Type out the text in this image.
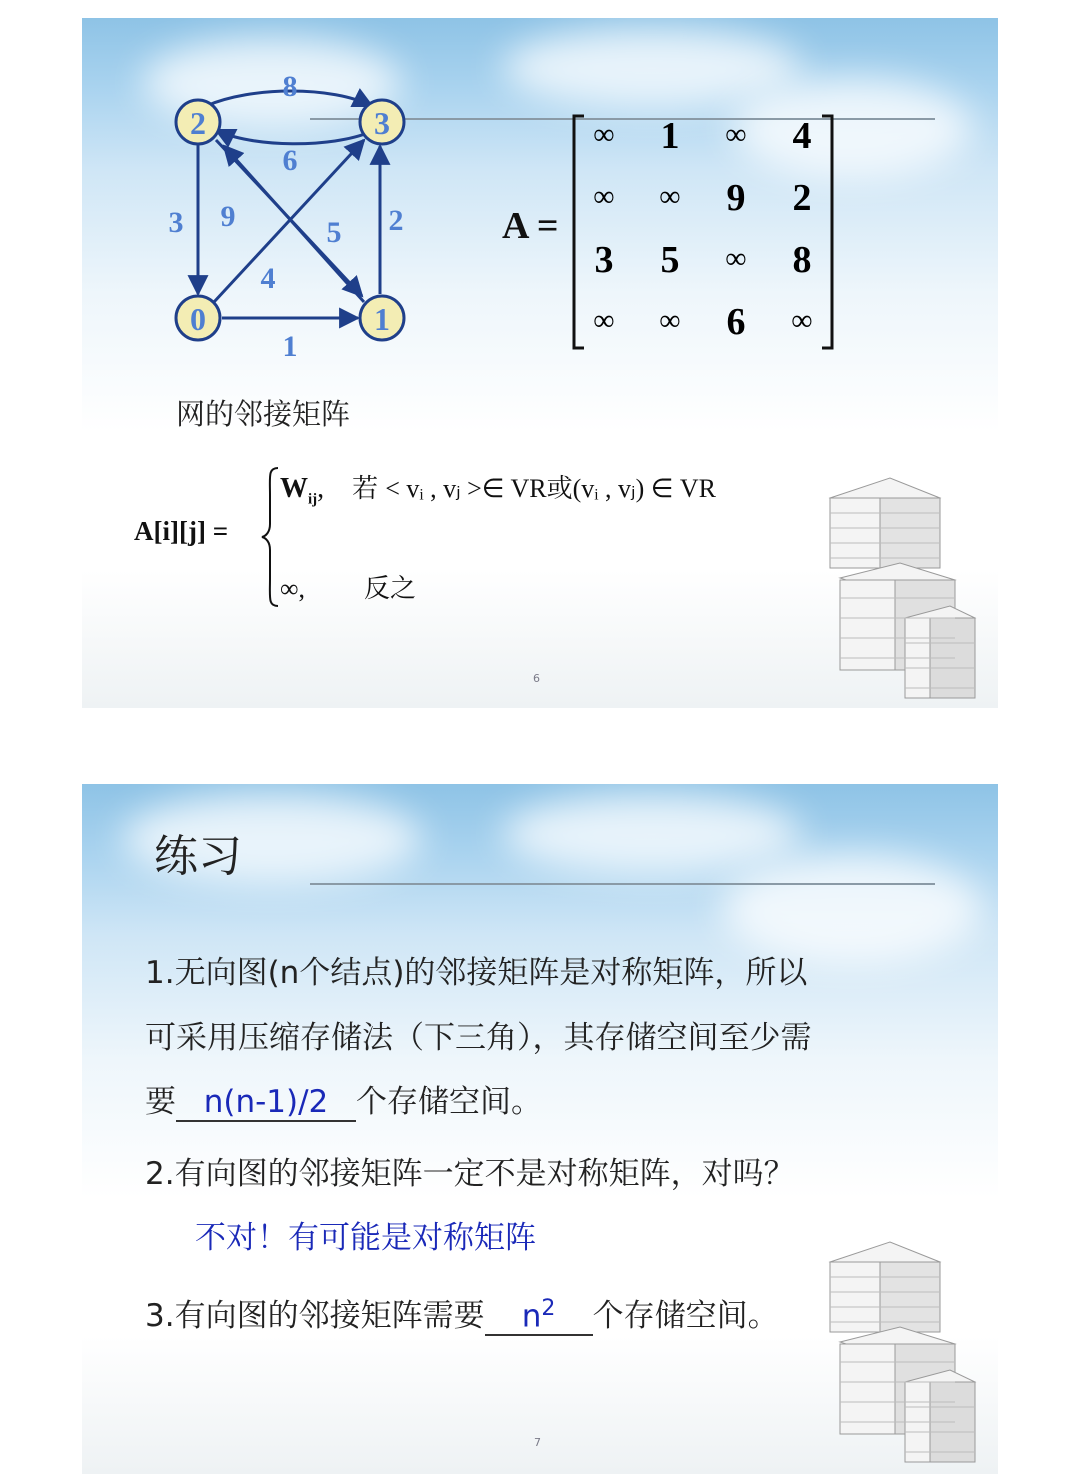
2	3
0	1
8
6
3 9	5 2
4
1
A =
∞	1	∞	4
∞	∞	9	2
3	5	∞	8
∞	∞	6	∞
网的邻接矩阵
A[i][j] =
$W_{ij}$,    若 < vᵢ , vⱼ >∈ VR或(vᵢ , vⱼ) ∈ VR
∞, 反之
6
练习
1.无向图(n个结点)的邻接矩阵是对称矩阵，所以
可采用压缩存储法（下三角），其存储空间至少需
要 n(n-1)/2 个存储空间。
2.有向图的邻接矩阵一定不是对称矩阵，对吗？
不对！有可能是对称矩阵
3.有向图的邻接矩阵需要 $n^2$ 个存储空间。
7
